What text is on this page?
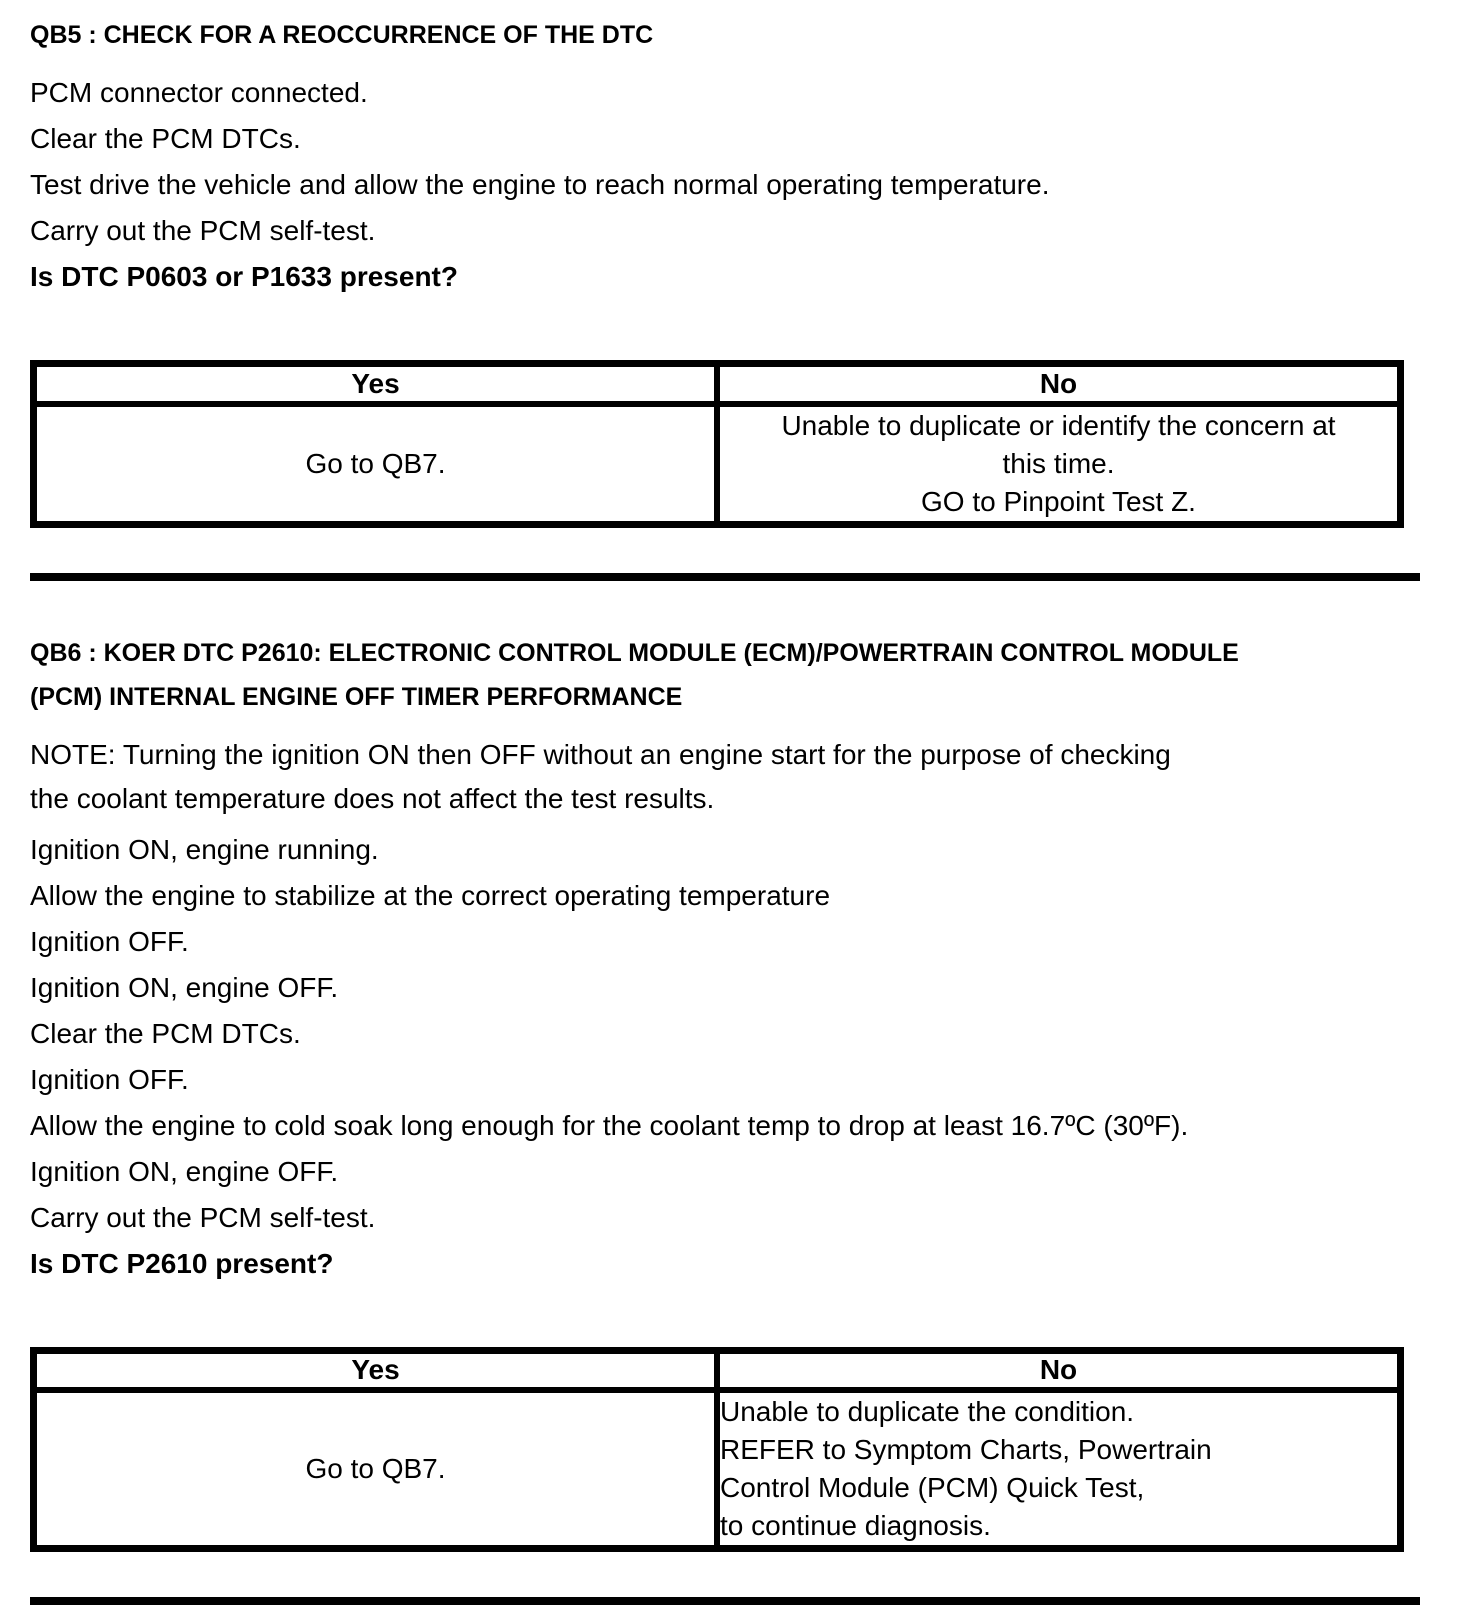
QB5 : CHECK FOR A REOCCURRENCE OF THE DTC

PCM connector connected.

Clear the PCM DTCs.

Test drive the vehicle and allow the engine to reach normal operating temperature.

Carry out the PCM self-test.

Is DTC P0603 or P1633 present?

Yes	No
Go to QB7.	Unable to duplicate or identify the concern at
this time.
GO to Pinpoint Test Z.

QB6 : KOER DTC P2610: ELECTRONIC CONTROL MODULE (ECM)/POWERTRAIN CONTROL MODULE

(PCM) INTERNAL ENGINE OFF TIMER PERFORMANCE

NOTE: Turning the ignition ON then OFF without an engine start for the purpose of checking

the coolant temperature does not affect the test results.

Ignition ON, engine running.

Allow the engine to stabilize at the correct operating temperature

Ignition OFF.

Ignition ON, engine OFF.

Clear the PCM DTCs.

Ignition OFF.

Allow the engine to cold soak long enough for the coolant temp to drop at least 16.7ºC (30ºF).

Ignition ON, engine OFF.

Carry out the PCM self-test.

Is DTC P2610 present?

Yes	No
Go to QB7.	Unable to duplicate the condition.
REFER to Symptom Charts, Powertrain
Control Module (PCM) Quick Test,
to continue diagnosis.
